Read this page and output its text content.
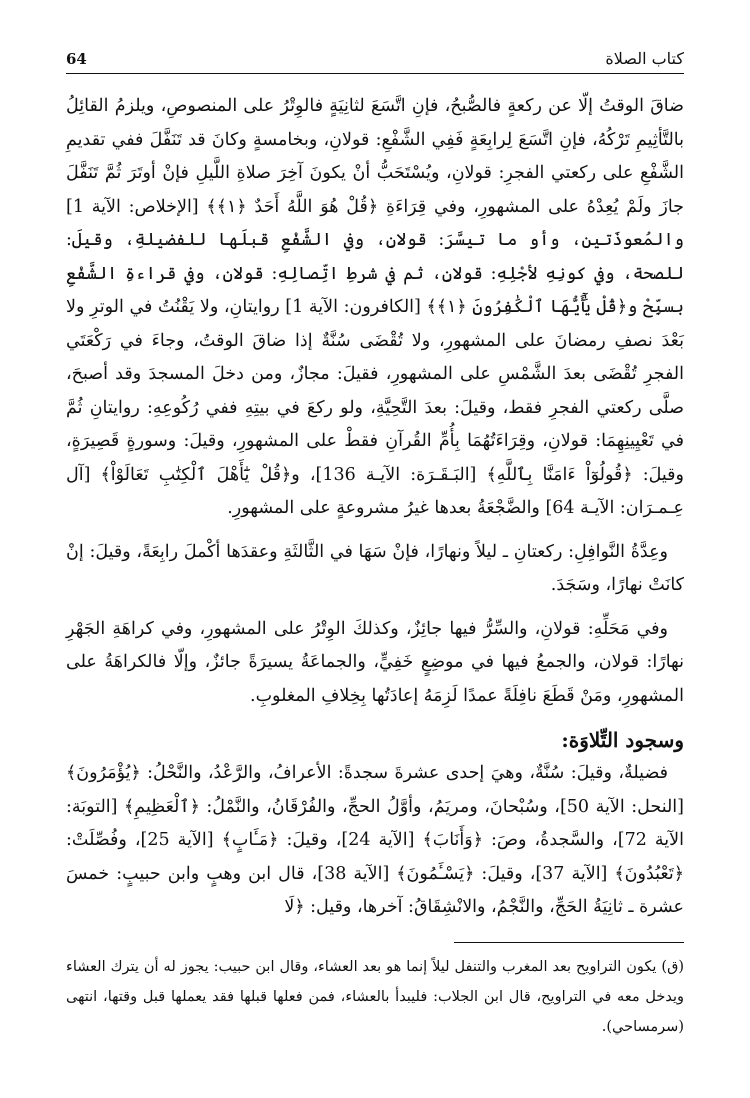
كتاب الصلاة
64

ضاقَ الوقتُ إلّا عن ركعةٍ فالصُّبحُ، فإنِ اتَّسَعَ لثانِيَةٍ فالوِتْرُ على المنصوصِ، ويلزمُ القائِلُ بالتَّأثِيمِ تَرْكُهُ، فإنِ اتَّسَعَ لِرابِعَةٍ فَفِي الشَّفْعِ: قولانِ، وبخامسةٍ وكانَ قد تَنَفَّلَ ففي تقديمِ الشَّفْعِ على ركعتي الفجرِ: قولانِ، ويُسْتَحَبُّ أنْ يكونَ آخِرَ صلاةِ اللَّيلِ فإنْ أوتَرَ ثُمَّ تَنَفَّلَ جازَ ولَمْ يُعِدْهُ على المشهورِ، وفي قِرَاءَةِ ﴿قُلْ هُوَ اللَّهُ أَحَدٌ ﴿١﴾﴾ [الإخلاص: الآية 1] والمُعوذَتين، وأو ما تيسَّرَ: قولانِ، وفي الشَّفْعِ قبلَها للفضيلةِ، وقيلَ: للصحة، وفي كونِهِ لأجْلِهِ: قولانِ، ثم في شرطِ اتِّصالِهِ: قولان، وفي قراءةِ الشَّفْعِ بسبِّحْ و﴿قُلْ يَٰٓأَيُّهَا ٱلْكَٰفِرُونَ ﴿١﴾﴾ [الكافرون: الآية 1] روايتانِ، ولا يَقْنُتُ في الوترِ ولا بَعْدَ نصفِ رمضانَ على المشهورِ، ولا تُقْضَى سُنَّةٌ إذا ضاقَ الوقتُ، وجاءَ في رَكْعَتَي الفجرِ تُقْضَى بعدَ الشَّمْسِ على المشهورِ، فقيلَ: مجازٌ، ومن دخلَ المسجدَ وقد أصبحَ، صلَّى ركعتي الفجرِ فقط، وقيلَ: بعدَ التَّحِيَّةِ، ولو ركعَ في بيتِهِ ففي رُكُوعِهِ: روايتانِ ثُمَّ في تَعْيِينِهِمَا: قولانِ، وقِرَاءَتُهُمَا بِأُمِّ القُرآنِ فقطْ على المشهورِ، وقيلَ: وسورةٍ قَصِيرَةٍ، وقيلَ: ﴿قُولُوٓاْ ءَامَنَّا بِٱللَّهِ﴾ [البَـقَـرَة: الآيـة 136]، و﴿قُلْ يَٰٓأَهْلَ ٱلْكِتَٰبِ تَعَالَوْاْ﴾ [آل عِـمـرَان: الآيـة 64] والضَّجْعَةُ بعدها غيرُ مشروعةٍ على المشهورِ.

وعِدَّةُ النَّوافِلِ: ركعتانِ ـ ليلاً ونهارًا، فإنْ سَهَا في الثَّالثَةِ وعقدَها أكْملَ رابِعَةً، وقيلَ: إنْ كانَتْ نهارًا، وسَجَدَ.

وفي مَحَلِّهِ: قولانِ، والسِّرُّ فيها جائِزٌ، وكذلكَ الوِتْرُ على المشهورِ، وفي كراهَةِ الجَهْرِ نهارًا: قولان، والجمعُ فيها في موضِعٍ خَفِيٍّ، والجماعَةُ يسيرَةً جائزٌ، وإلّا فالكراهَةُ على المشهورِ، ومَنْ قَطَعَ نافِلَةً عمدًا لَزِمَهُ إعادَتُها بِخِلافِ المغلوبِ.

وسجود التِّلاوَة:

فضيلةٌ، وقيلَ: سُنَّةٌ، وهيَ إحدى عشرةَ سجدةً: الأعرافُ، والرَّعْدُ، والنَّحْلُ: ﴿يُؤْمَرُونَ﴾ [النحل: الآية 50]، وسُبْحانَ، ومريَمُ، وأوَّلُ الحجِّ، والفُرْقَانُ، والنَّمْلُ: ﴿ٱلْعَظِيمِ﴾ [التوبَة: الآية 72]، والسَّجدةُ، وصَ: ﴿وَأَنَابَ﴾ [الآية 24]، وقيلَ: ﴿مَـَٔابٍ﴾ [الآية 25]، وفُصِّلَتْ: ﴿تَعْبُدُونَ﴾ [الآية 37]، وقيلَ: ﴿يَسْـَٔمُونَ﴾ [الآية 38]، قال ابن وهبٍ وابن حبيبٍ: خمسَ عشرة ـ ثانِيَةُ الحَجِّ، والنَّجْمُ، والانْشِقَاقُ: آخرها، وقيل: ﴿لَا

(ق) يكون التراويح بعد المغرب والتنفل ليلاً إنما هو بعد العشاء، وقال ابن حبيب: يجوز له أن يترك العشاء ويدخل معه في التراويح، قال ابن الجلاب: فليبدأ بالعشاء، فمن فعلها قبلها فقد يعملها قبل وقتها، انتهى (سرمساحي).
